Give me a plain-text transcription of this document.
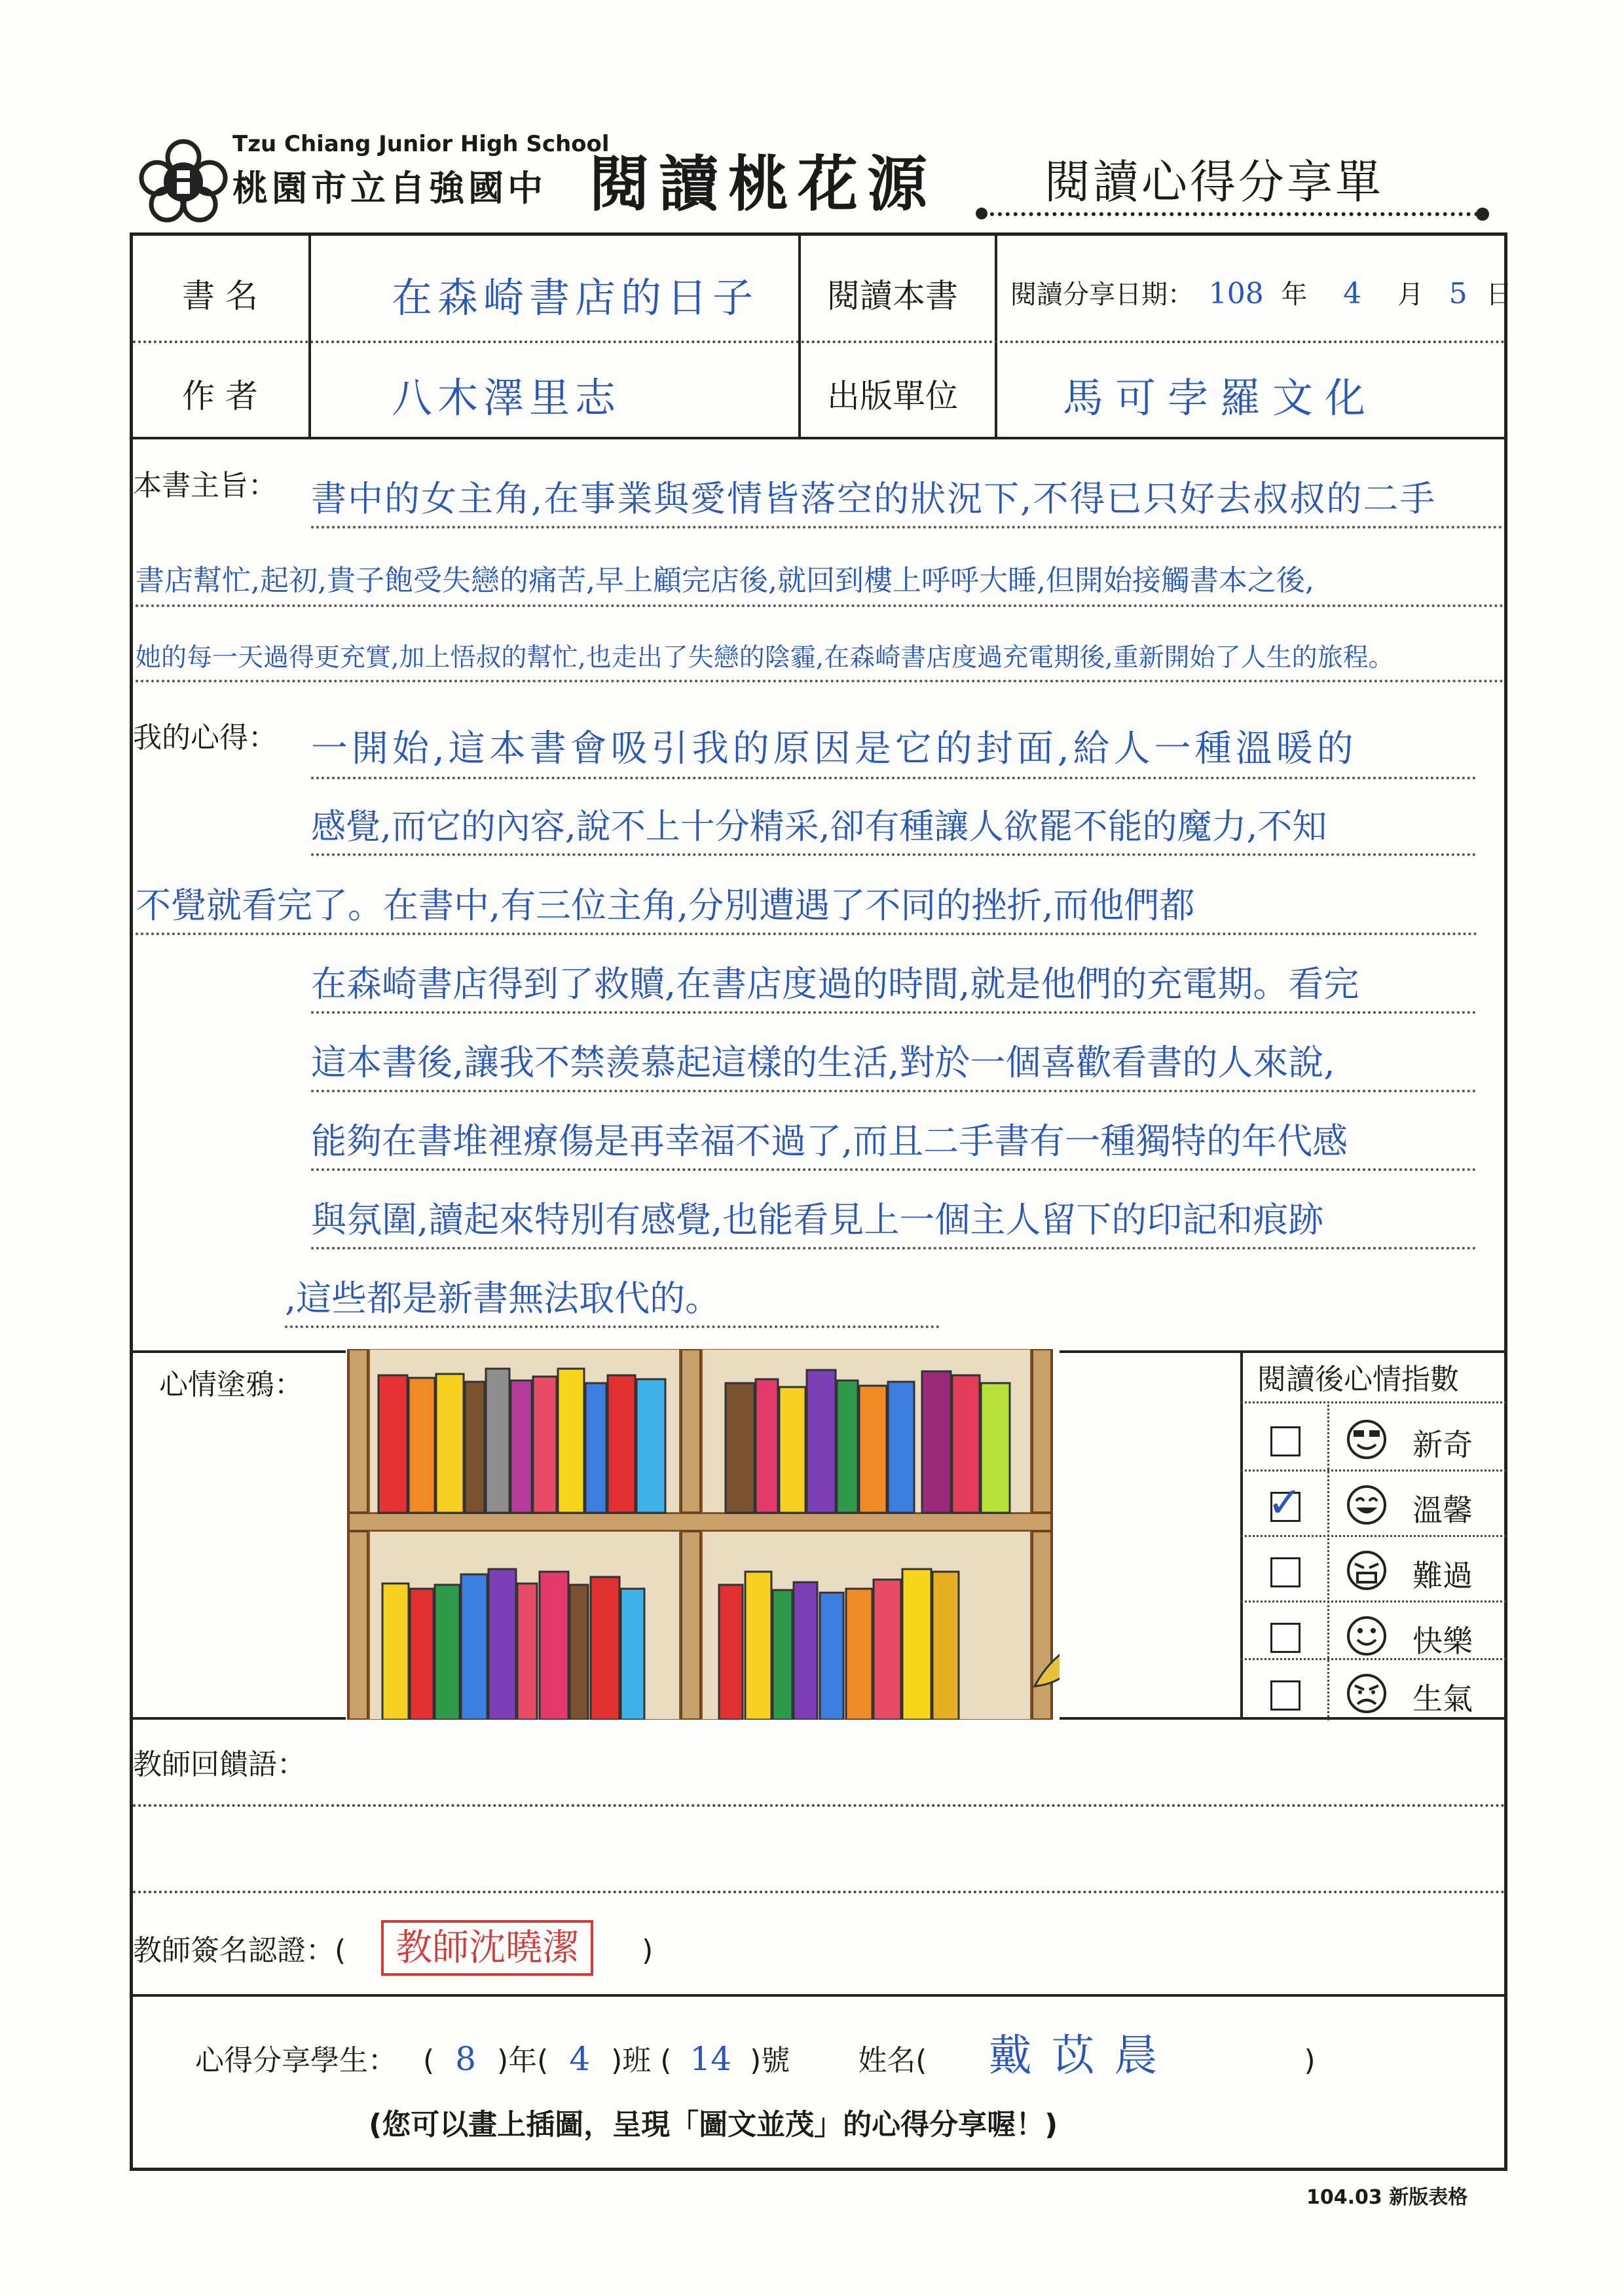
Tzu Chiang Junior High School
桃園市立自強國中 閱讀桃花源 閱讀心得分享單
書 名	在森崎書店的日子 閱讀本書 閱讀分享日期： 108 年 4 月 5 日
作 者	八木澤里志	出版單位	馬可孛羅文化
本書主旨： 書中的女主角,在事業與愛情皆落空的狀況下,不得已只好去叔叔的二手
書店幫忙,起初,貴子飽受失戀的痛苦,早上顧完店後,就回到樓上呼呼大睡,但開始接觸書本之後,
她的每一天過得更充實,加上悟叔的幫忙,也走出了失戀的陰霾,在森崎書店度過充電期後,重新開始了人生的旅程。
我的心得： 一開始,這本書會吸引我的原因是它的封面,給人一種溫暖的
感覺,而它的內容,說不上十分精采,卻有種讓人欲罷不能的魔力,不知
不覺就看完了。在書中,有三位主角,分別遭遇了不同的挫折,而他們都
在森崎書店得到了救贖,在書店度過的時間,就是他們的充電期。看完
這本書後,讓我不禁羨慕起這樣的生活,對於一個喜歡看書的人來說,
能夠在書堆裡療傷是再幸福不過了,而且二手書有一種獨特的年代感
與氛圍,讀起來特別有感覺,也能看見上一個主人留下的印記和痕跡
,這些都是新書無法取代的。
心情塗鴉：
教師回饋語：
教師簽名認證：( 教師沈曉潔 )
心得分享學生： ( 8 )年( 4 )班 ( 14 )號 姓名( 戴苡晨	)
(您可以畫上插圖，呈現「圖文並茂」的心得分享喔！)
104.03 新版表格
閱讀後心情指數
新奇
✓	溫馨
難過
快樂
生氣
